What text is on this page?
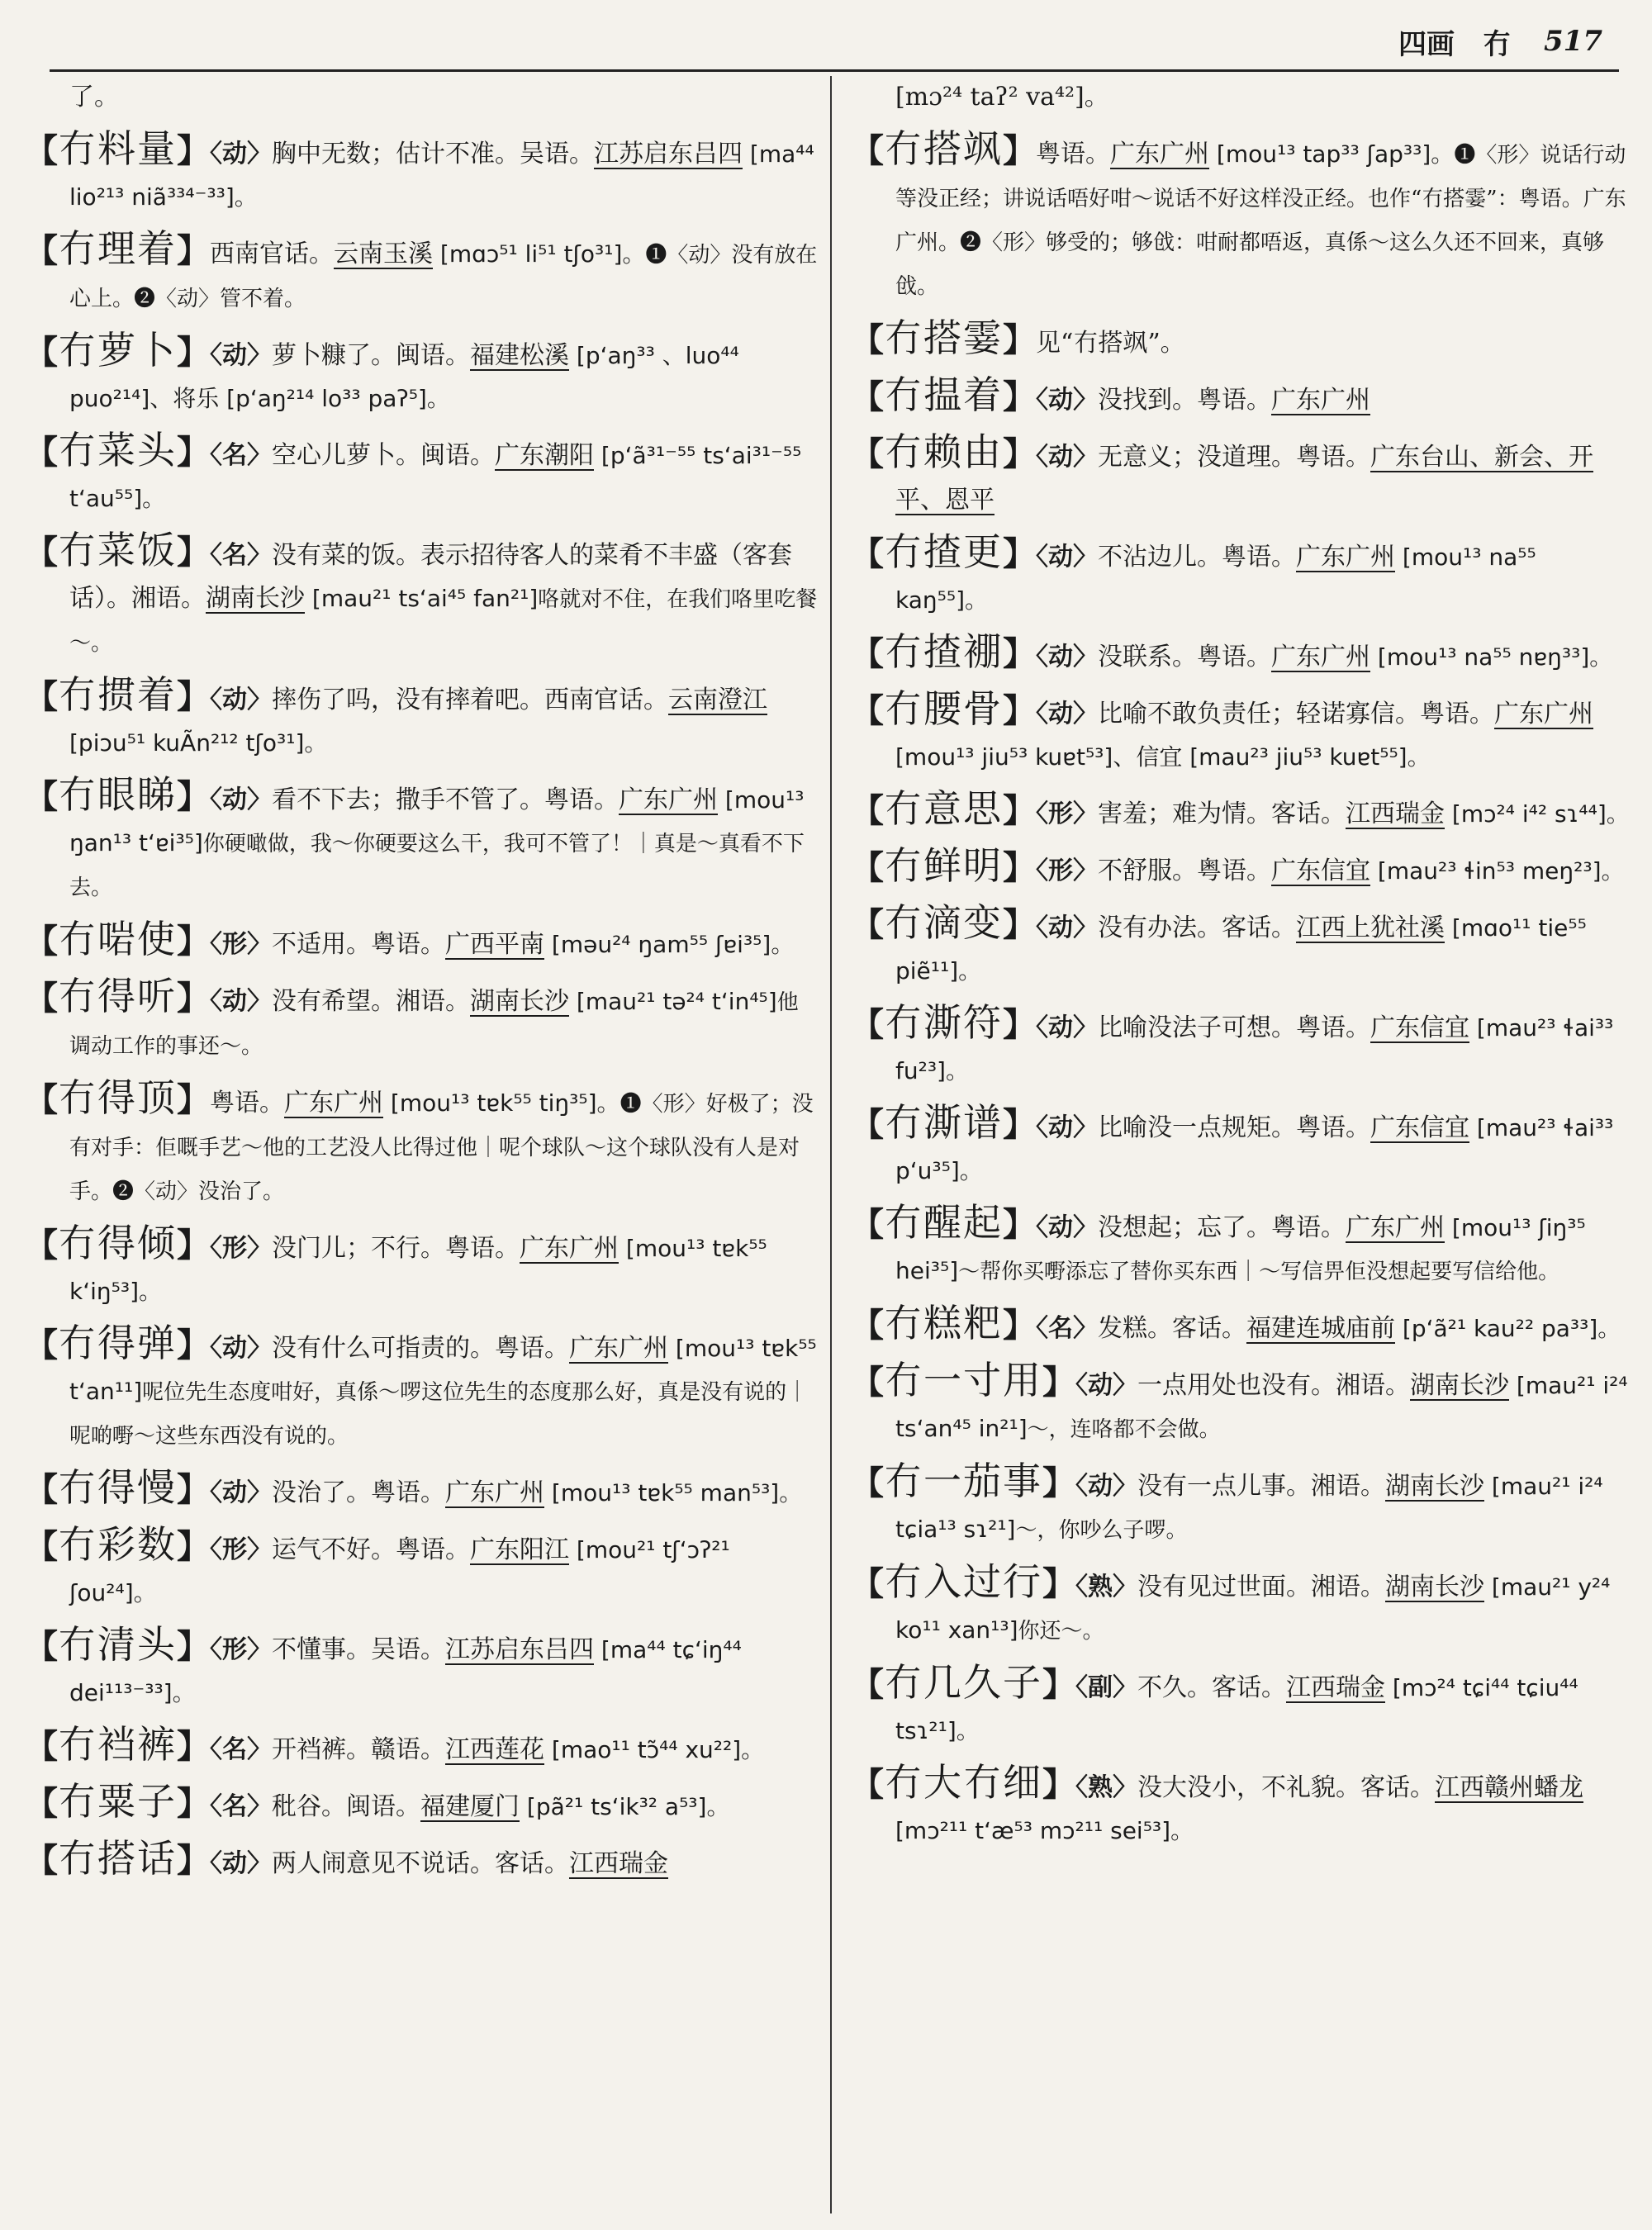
四画　冇 517
了。
【冇料量】〈动〉胸中无数；估计不准。吴语。江苏启东吕四 [ma⁴⁴ lio²¹³ niã³³⁴⁻³³]。
【冇理着】西南官话。云南玉溪 [mɑɔ⁵¹ li⁵¹ tʃo³¹]。❶〈动〉没有放在心上。❷〈动〉管不着。
【冇萝卜】〈动〉萝卜糠了。闽语。福建松溪 [pʻaŋ³³ 、luo⁴⁴ puo²¹⁴]、将乐 [pʻaŋ²¹⁴ lo³³ paʔ⁵]。
【冇菜头】〈名〉空心儿萝卜。闽语。广东潮阳 [pʻã³¹⁻⁵⁵ tsʻai³¹⁻⁵⁵ tʻau⁵⁵]。
【冇菜饭】〈名〉没有菜的饭。表示招待客人的菜肴不丰盛（客套话）。湘语。湖南长沙 [mau²¹ tsʻai⁴⁵ fan²¹]咯就对不住，在我们咯里吃餐～。
【冇掼着】〈动〉摔伤了吗，没有摔着吧。西南官话。云南澄江 [piɔu⁵¹ kuÃn²¹² tʃo³¹]。
【冇眼睇】〈动〉看不下去；撒手不管了。粤语。广东广州 [mou¹³ ŋan¹³ tʻɐi³⁵]你硬噉做，我～你硬要这么干，我可不管了！｜真是～真看不下去。
【冇啱使】〈形〉不适用。粤语。广西平南 [məu²⁴ ŋam⁵⁵ ʃɐi³⁵]。
【冇得听】〈动〉没有希望。湘语。湖南长沙 [mau²¹ tə²⁴ tʻin⁴⁵]他调动工作的事还～。
【冇得顶】粤语。广东广州 [mou¹³ tɐk⁵⁵ tiŋ³⁵]。❶〈形〉好极了；没有对手：佢嘅手艺～他的工艺没人比得过他｜呢个球队～这个球队没有人是对手。❷〈动〉没治了。
【冇得倾】〈形〉没门儿；不行。粤语。广东广州 [mou¹³ tɐk⁵⁵ kʻiŋ⁵³]。
【冇得弹】〈动〉没有什么可指责的。粤语。广东广州 [mou¹³ tɐk⁵⁵ tʻan¹¹]呢位先生态度咁好，真係～啰这位先生的态度那么好，真是没有说的｜呢啲嘢～这些东西没有说的。
【冇得慢】〈动〉没治了。粤语。广东广州 [mou¹³ tɐk⁵⁵ man⁵³]。
【冇彩数】〈形〉运气不好。粤语。广东阳江 [mou²¹ tʃʻɔʔ²¹ ʃou²⁴]。
【冇清头】〈形〉不懂事。吴语。江苏启东吕四 [ma⁴⁴ tɕʻiŋ⁴⁴ dei¹¹³⁻³³]。
【冇裆裤】〈名〉开裆裤。赣语。江西莲花 [mao¹¹ tɔ̃⁴⁴ xu²²]。
【冇粟子】〈名〉秕谷。闽语。福建厦门 [pã²¹ tsʻik³² a⁵³]。
【冇搭话】〈动〉两人闹意见不说话。客话。江西瑞金
[mɔ²⁴ taʔ² va⁴²]。
【冇搭飒】粤语。广东广州 [mou¹³ tap³³ ʃap³³]。❶〈形〉说话行动等没正经；讲说话唔好咁～说话不好这样没正经。也作“冇搭霎”：粤语。广东广州。❷〈形〉够受的；够戗：咁耐都唔返，真係～这么久还不回来，真够戗。
【冇搭霎】见“冇搭飒”。
【冇揾着】〈动〉没找到。粤语。广东广州
【冇赖由】〈动〉无意义；没道理。粤语。广东台山、新会、开平、恩平
【冇揸更】〈动〉不沾边儿。粤语。广东广州 [mou¹³ na⁵⁵ kaŋ⁵⁵]。
【冇揸䙀】〈动〉没联系。粤语。广东广州 [mou¹³ na⁵⁵ nɐŋ³³]。
【冇腰骨】〈动〉比喻不敢负责任；轻诺寡信。粤语。广东广州 [mou¹³ jiu⁵³ kuɐt⁵³]、信宜 [mau²³ jiu⁵³ kuɐt⁵⁵]。
【冇意思】〈形〉害羞；难为情。客话。江西瑞金 [mɔ²⁴ i⁴² sɿ⁴⁴]。
【冇鲜明】〈形〉不舒服。粤语。广东信宜 [mau²³ ɬin⁵³ meŋ²³]。
【冇滴变】〈动〉没有办法。客话。江西上犹社溪 [mɑo¹¹ tie⁵⁵ piẽ¹¹]。
【冇澌符】〈动〉比喻没法子可想。粤语。广东信宜 [mau²³ ɬai³³ fu²³]。
【冇澌谱】〈动〉比喻没一点规矩。粤语。广东信宜 [mau²³ ɬai³³ pʻu³⁵]。
【冇醒起】〈动〉没想起；忘了。粤语。广东广州 [mou¹³ ʃiŋ³⁵ hei³⁵]～帮你买嘢添忘了替你买东西｜～写信畀佢没想起要写信给他。
【冇糕粑】〈名〉发糕。客话。福建连城庙前 [pʻã²¹ kau²² pa³³]。
【冇一寸用】〈动〉一点用处也没有。湘语。湖南长沙 [mau²¹ i²⁴ tsʻan⁴⁵ in²¹]～，连咯都不会做。
【冇一茄事】〈动〉没有一点儿事。湘语。湖南长沙 [mau²¹ i²⁴ tɕia¹³ sɿ²¹]～，你吵么子啰。
【冇入过行】〈熟〉没有见过世面。湘语。湖南长沙 [mau²¹ y²⁴ ko¹¹ xan¹³]你还～。
【冇几久子】〈副〉不久。客话。江西瑞金 [mɔ²⁴ tɕi⁴⁴ tɕiu⁴⁴ tsɿ²¹]。
【冇大冇细】〈熟〉没大没小，不礼貌。客话。江西赣州蟠龙 [mɔ²¹¹ tʻæ⁵³ mɔ²¹¹ sei⁵³]。
